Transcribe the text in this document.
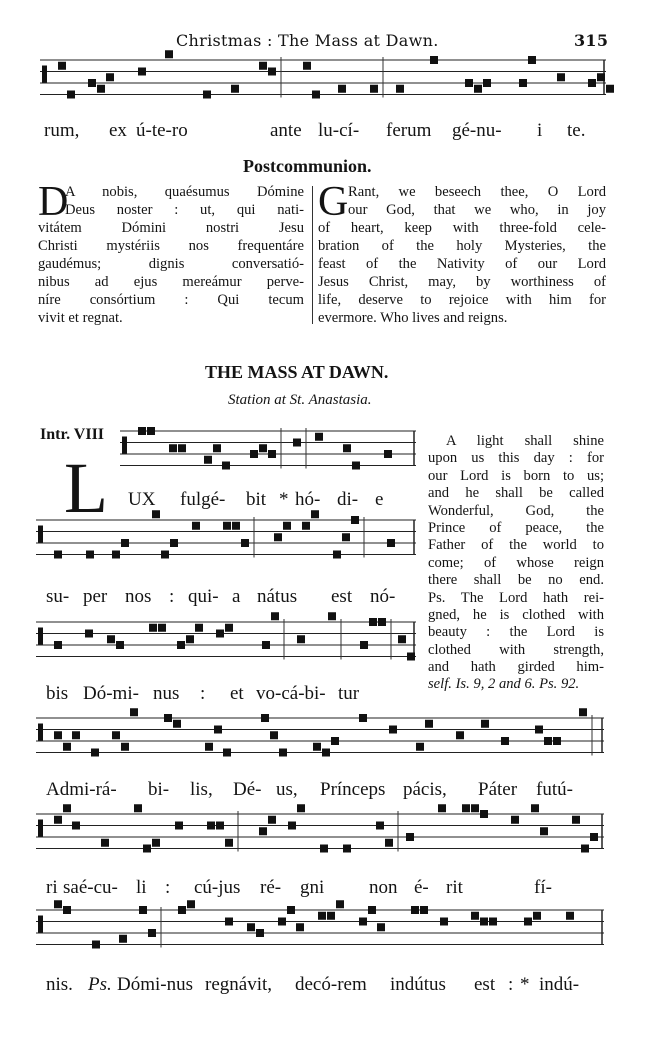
Christmas : The Mass at Dawn.	315
rum, ex ú-te-ro	ante lu-cí- ferum gé-nu- i te.
Postcommunion.
D
A nobis, quaésumus Dómine
Deus noster : ut, qui nati-
vitátem Dómini nostri Jesu
Christi mystériis nos frequentáre
gaudémus; dignis conversatió-
nibus ad ejus mereámur perve-
níre consórtium : Qui tecum
vivit et regnat.
G Rant, we beseech thee, O Lord
our God, that we who, in joy
of heart, keep with three-fold cele-
bration of the holy Mysteries, the
feast of the Nativity of our Lord
Jesus Christ, may, by worthiness of
life, deserve to rejoice with him for
evermore. Who lives and reigns.
THE MASS AT DAWN.
Station at St. Anastasia.
Intr. VIII
L UX fulgé- bit * hó- di- e
su- per nos : qui- a nátus est nó-
bis Dó-mi- nus : et vo-cá-bi- tur
A light shall shine
upon us this day : for
our Lord is born to us;
and he shall be called
Wonderful, God, the
Prince of peace, the
Father of the world to
come; of whose reign
there shall be no end.
Ps. The Lord hath rei-
gned, he is clothed with
beauty : the Lord is
clothed with strength,
and hath girded him-
self. Is. 9, 2 and 6. Ps. 92.
Admi-rá- bi- lis, Dé- us, Prínceps pácis, Páter futú-
ri saé-cu- li : cú-jus ré- gni non é- rit	fí-
nis. Ps. Dómi-nus regnávit, decó-rem indútus est : * indú-
